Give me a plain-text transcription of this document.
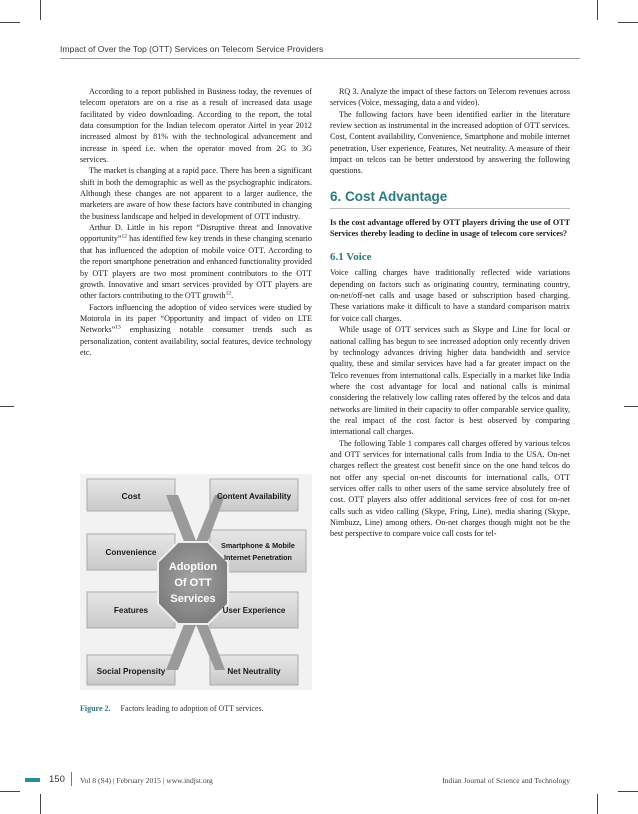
Impact of Over the Top (OTT) Services on Telecom Service Providers

According to a report published in Business today, the revenues of telecom operators are on a rise as a result of increased data usage facilitated by video downloading. According to the report, the total data consumption for the Indian telecom operator Airtel in year 2012 increased almost by 81% with the technological advancement and increase in speed i.e. when the operator moved from 2G to 3G services.

The market is changing at a rapid pace. There has been a significant shift in both the demographic as well as the psychographic indicators. Although these changes are not apparent to a larger audience, the marketers are aware of how these factors have contributed in changing the business landscape and helped in development of OTT industry.

Arthur D. Little in his report “Disruptive threat and Innovative opportunity”$^{12}$ has identified few key trends in these changing scenario that has influenced the adoption of mobile voice OTT. According to the report smartphone penetration and enhanced functionality provided by OTT players are two most prominent contributors to the OTT growth. Innovative and smart services provided by OTT players are other factors contributing to the OTT growth$^{12}$.

Factors influencing the adoption of video services were studied by Motorola in its paper “Opportunity and impact of video on LTE Networks”$^{13}$ emphasizing notable consumer trends such as personalization, content availability, social features, device technology etc.

Adoption
Of OTT
Services
Cost	Content Availability
Convenience
Smartphone & Mobile
Internet Penetration
Features	User Experience
Social Propensity	Net Neutrality
Figure 2. Factors leading to adoption of OTT services.

RQ 3. Analyze the impact of these factors on Telecom revenues across services (Voice, messaging, data a and video).

The following factors have been identified earlier in the literature review section as instrumental in the increased adoption of OTT services. Cost, Content availability, Convenience, Smartphone and mobile internet penetration, User experience, Features, Net neutrality. A measure of their impact on telcos can be better understood by answering the following questions.

6. Cost Advantage
Is the cost advantage offered by OTT players driving the use of OTT Services thereby leading to decline in usage of telecom core services?
6.1 Voice

Voice calling charges have traditionally reflected wide variations depending on factors such as originating country, terminating country, on-net/off-net calls and usage based or subscription based charging. These variations make it difficult to have a standard comparison matrix for voice call charges.

While usage of OTT services such as Skype and Line for local or national calling has begun to see increased adoption only recently driven by technology advances driving higher data bandwidth and service quality, these and similar services have had a far greater impact on the Telco revenues from international calls. Especially in a market like India where the cost advantage for local and national calls is minimal considering the relatively low calling rates offered by the telcos and data networks are limited in their capacity to offer comparable service quality, the real impact of the cost factor is best observed by comparing international call charges.

The following Table 1 compares call charges offered by various telcos and OTT services for international calls from India to the USA. On-net charges reflect the greatest cost benefit since on the one hand telcos do not offer any special on-net discounts for international calls, OTT services offer calls to other users of the same service absolutely free of cost. OTT players also offer additional services free of cost for on-net calls such as video calling (Skype, Fring, Line), media sharing (Skype, Nimbuzz, Line) among others. On-net charges though might not be the best perspective to compare voice call costs for tel-

150 Vol 8 (S4) | February 2015 | www.indjst.org	Indian Journal of Science and Technology
